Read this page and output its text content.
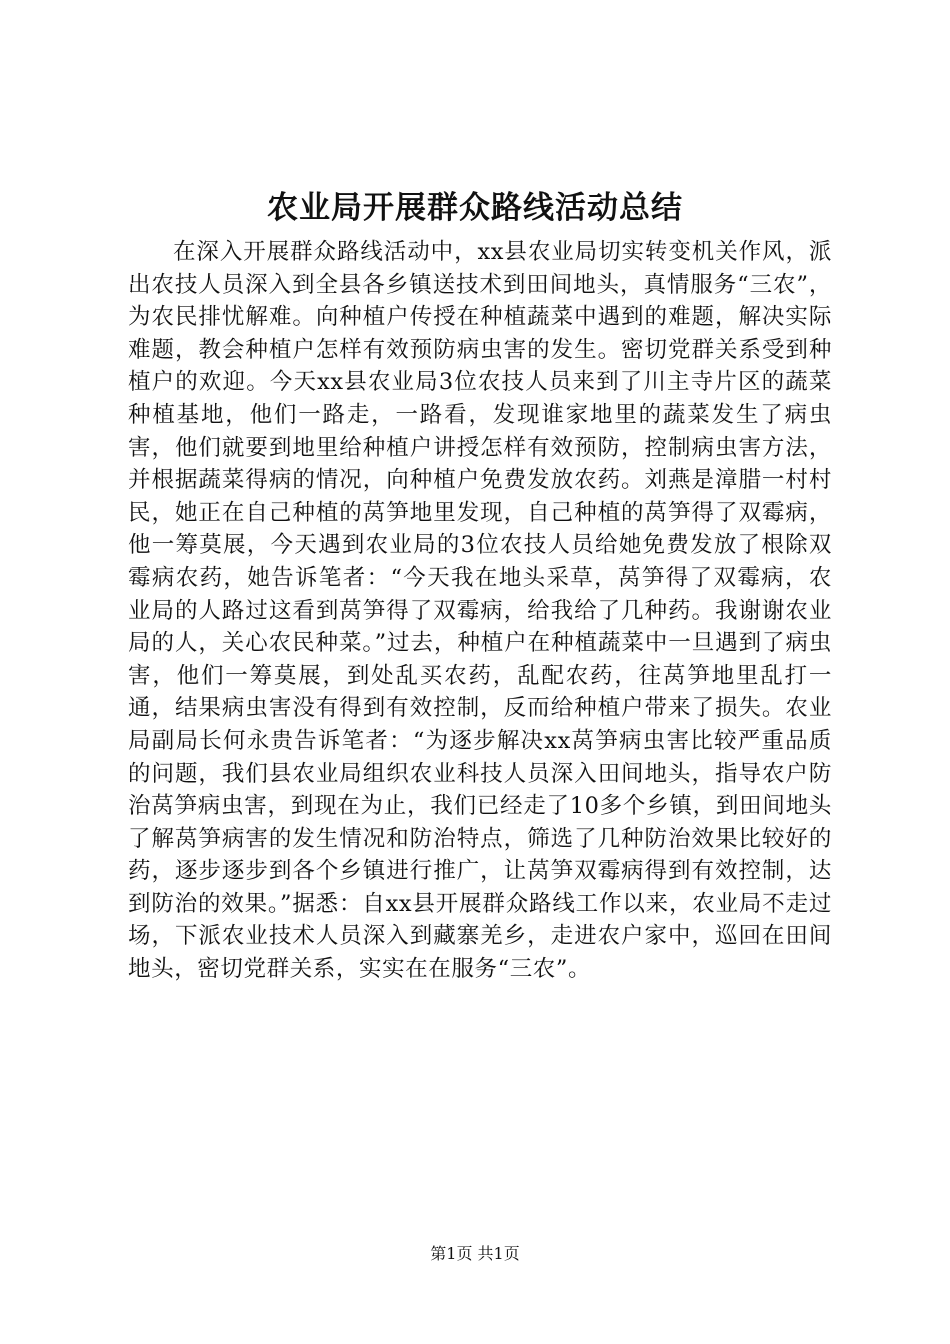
农业局开展群众路线活动总结

在深入开展群众路线活动中，xx县农业局切实转变机关作风，派出农技人员深入到全县各乡镇送技术到田间地头，真情服务“三农”，为农民排忧解难。向种植户传授在种植蔬菜中遇到的难题，解决实际难题，教会种植户怎样有效预防病虫害的发生。密切党群关系受到种植户的欢迎。今天xx县农业局3位农技人员来到了川主寺片区的蔬菜种植基地，他们一路走，一路看，发现谁家地里的蔬菜发生了病虫害，他们就要到地里给种植户讲授怎样有效预防，控制病虫害方法，并根据蔬菜得病的情况，向种植户免费发放农药。刘燕是漳腊一村村民，她正在自己种植的莴笋地里发现，自己种植的莴笋得了双霉病，他一筹莫展，今天遇到农业局的3位农技人员给她免费发放了根除双霉病农药，她告诉笔者：“今天我在地头采草，莴笋得了双霉病，农业局的人路过这看到莴笋得了双霉病，给我给了几种药。我谢谢农业局的人，关心农民种菜。”过去，种植户在种植蔬菜中一旦遇到了病虫害，他们一筹莫展，到处乱买农药，乱配农药，往莴笋地里乱打一通，结果病虫害没有得到有效控制，反而给种植户带来了损失。农业局副局长何永贵告诉笔者：“为逐步解决xx莴笋病虫害比较严重品质的问题，我们县农业局组织农业科技人员深入田间地头，指导农户防治莴笋病虫害，到现在为止，我们已经走了10多个乡镇，到田间地头了解莴笋病害的发生情况和防治特点，筛选了几种防治效果比较好的药，逐步逐步到各个乡镇进行推广，让莴笋双霉病得到有效控制，达到防治的效果。”据悉：自xx县开展群众路线工作以来，农业局不走过场，下派农业技术人员深入到藏寨羌乡，走进农户家中，巡回在田间地头，密切党群关系，实实在在服务“三农”。

第1页 共1页
